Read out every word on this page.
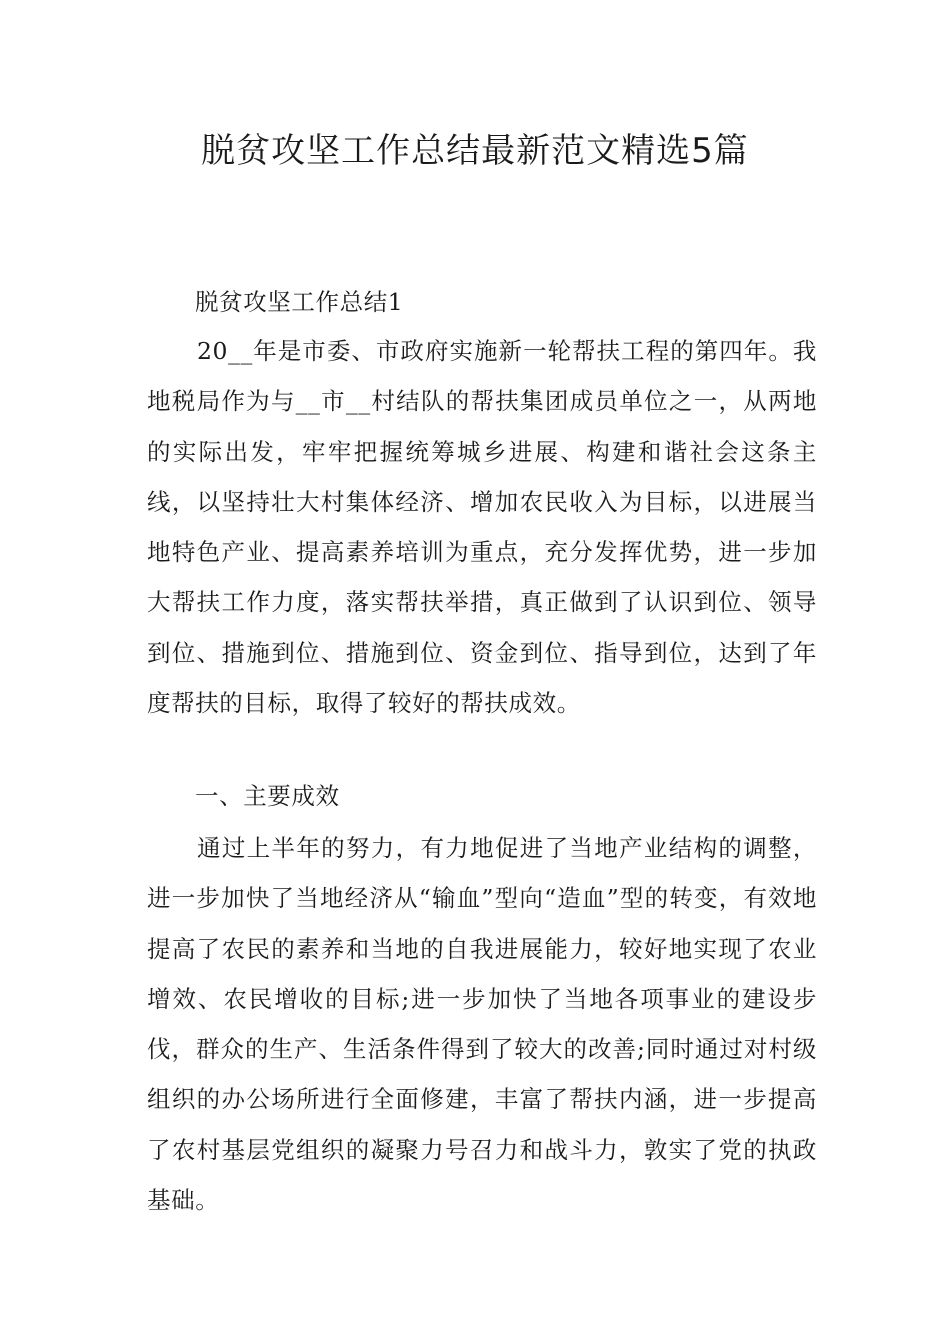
脱贫攻坚工作总结最新范文精选5篇

脱贫攻坚工作总结1

20__年是市委、市政府实施新一轮帮扶工程的第四年。我地税局作为与__市__村结队的帮扶集团成员单位之一，从两地的实际出发，牢牢把握统筹城乡进展、构建和谐社会这条主线，以坚持壮大村集体经济、增加农民收入为目标，以进展当地特色产业、提高素养培训为重点，充分发挥优势，进一步加大帮扶工作力度，落实帮扶举措，真正做到了认识到位、领导到位、措施到位、措施到位、资金到位、指导到位，达到了年度帮扶的目标，取得了较好的帮扶成效。

一、主要成效

通过上半年的努力，有力地促进了当地产业结构的调整，进一步加快了当地经济从“输血”型向“造血”型的转变，有效地提高了农民的素养和当地的自我进展能力，较好地实现了农业增效、农民增收的目标;进一步加快了当地各项事业的建设步伐，群众的生产、生活条件得到了较大的改善;同时通过对村级组织的办公场所进行全面修建，丰富了帮扶内涵，进一步提高了农村基层党组织的凝聚力号召力和战斗力，敦实了党的执政基础。
